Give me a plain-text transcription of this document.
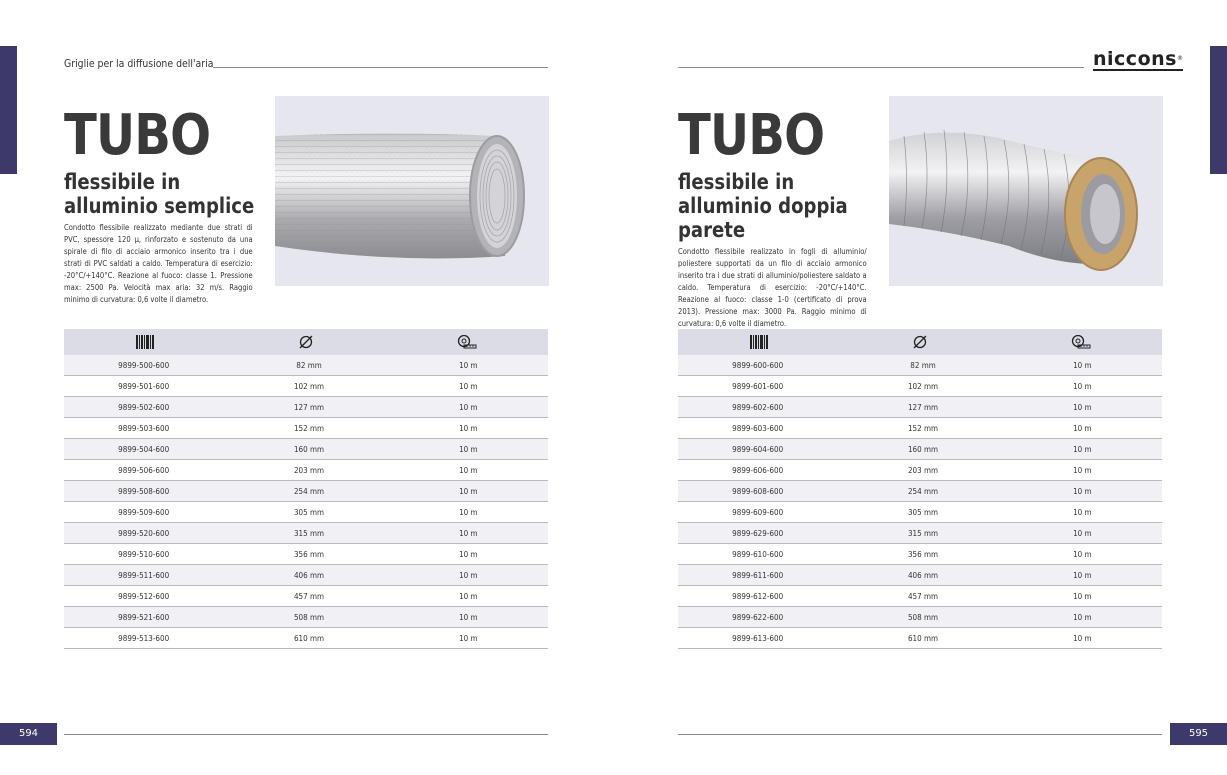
Griglie per la diffusione dell'aria	niccons®
TUBO
flessibile in alluminio semplice
Condotto flessibile realizzato mediante due strati di PVC, spessore 120 μ, rinforzato e sostenuto da una spirale di filo di acciaio armonico inserito tra i due strati di PVC saldati a caldo. Temperatura di esercizio: -20°C/+140°C. Reazione al fuoco: classe 1. Pressione max: 2500 Pa. Velocità max aria: 32 m/s. Raggio minimo di curvatura: 0,6 volte il diametro.
9899-500-600	82 mm	10 m
9899-501-600	102 mm	10 m
9899-502-600	127 mm	10 m
9899-503-600	152 mm	10 m
9899-504-600	160 mm	10 m
9899-506-600	203 mm	10 m
9899-508-600	254 mm	10 m
9899-509-600	305 mm	10 m
9899-520-600	315 mm	10 m
9899-510-600	356 mm	10 m
9899-511-600	406 mm	10 m
9899-512-600	457 mm	10 m
9899-521-600	508 mm	10 m
9899-513-600	610 mm	10 m
TUBO
flessibile in alluminio doppia parete
Condotto flessibile realizzato in fogli di alluminio/ poliestere supportati da un filo di acciaio armonico inserito tra i due strati di alluminio/poliestere saldato a caldo. Temperatura di esercizio: -20°C/+140°C. Reazione al fuoco: classe 1-0 (certificato di prova 2013). Pressione max: 3000 Pa. Raggio minimo di curvatura: 0,6 volte il diametro.
9899-600-600	82 mm	10 m
9899-601-600	102 mm	10 m
9899-602-600	127 mm	10 m
9899-603-600	152 mm	10 m
9899-604-600	160 mm	10 m
9899-606-600	203 mm	10 m
9899-608-600	254 mm	10 m
9899-609-600	305 mm	10 m
9899-629-600	315 mm	10 m
9899-610-600	356 mm	10 m
9899-611-600	406 mm	10 m
9899-612-600	457 mm	10 m
9899-622-600	508 mm	10 m
9899-613-600	610 mm	10 m
594	595
